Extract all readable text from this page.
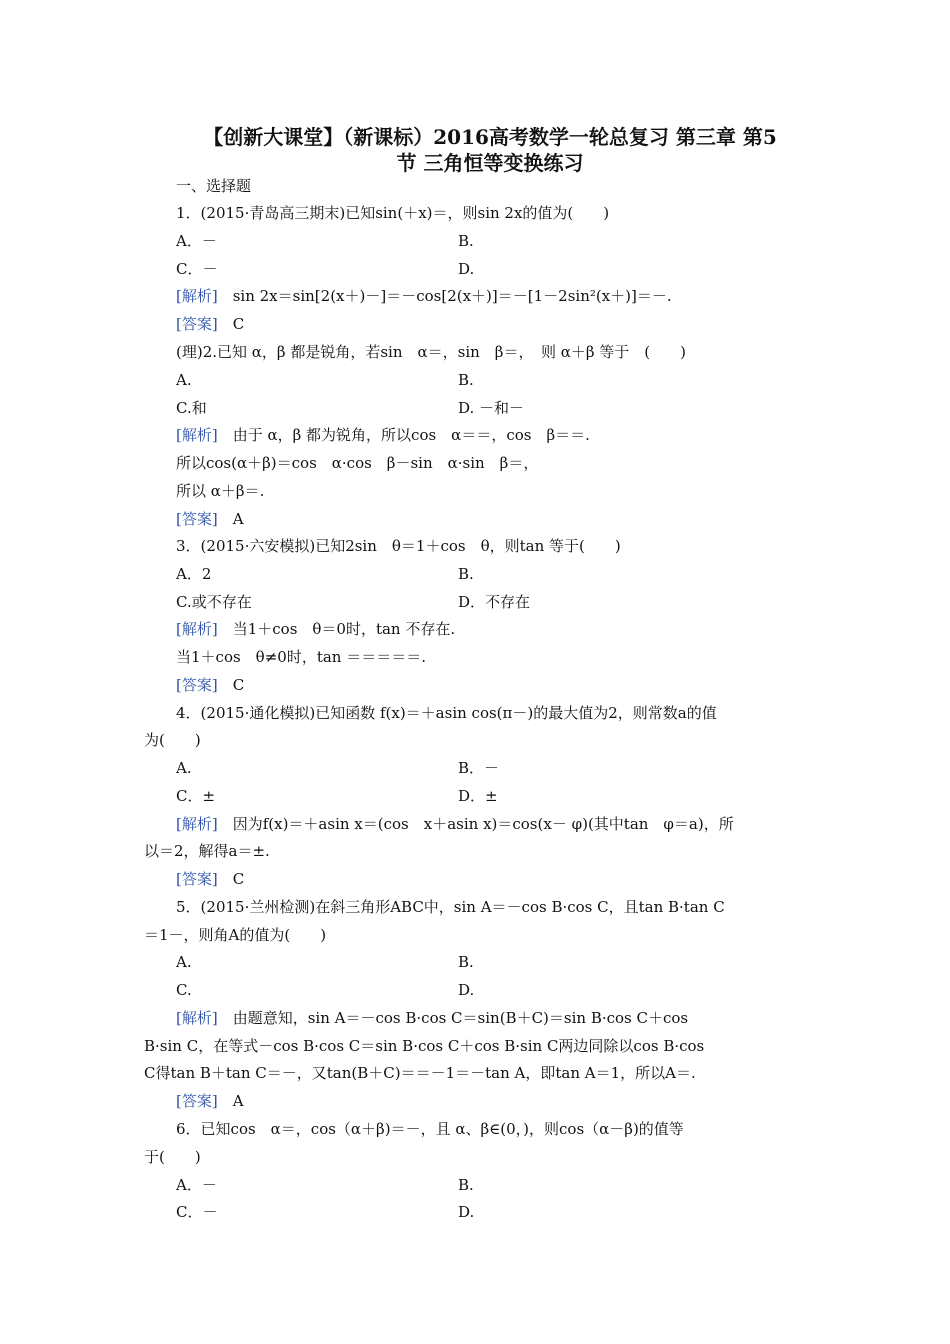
【创新大课堂】（新课标）2016高考数学一轮总复习 第三章 第5
节 三角恒等变换练习
一、选择题
1．(2015·青岛高三期末)已知sin(＋x)＝，则sin 2x的值为(　　)
A．－	B.
C．－	D.
[解析]　sin 2x＝sin[2(x＋)－]＝－cos[2(x＋)]＝－[1－2sin²(x＋)]＝－.
[答案]　C
(理)2.已知 α，β 都是锐角，若sin　α＝，sin　β＝，　则 α＋β 等于　(　　)
A.	B.
C.和	D. －和－
[解析]　由于 α，β 都为锐角，所以cos　α＝＝，cos　β＝＝.
所以cos(α＋β)＝cos　α·cos　β－sin　α·sin　β＝，
所以 α＋β＝.
[答案]　A
3．(2015·六安模拟)已知2sin　θ＝1＋cos　θ，则tan 等于(　　)
A．2	B.
C.或不存在	D．不存在
[解析]　当1＋cos　θ＝0时，tan 不存在.
当1＋cos　θ≠0时，tan ＝＝＝＝＝.
[答案]　C
4．(2015·通化模拟)已知函数 f(x)＝＋asin cos(π－)的最大值为2，则常数a的值
为(　　)
A.	B．－
C．±	D．±
[解析]　因为f(x)＝＋asin x＝(cos　x＋asin x)＝cos(x－ φ)(其中tan　φ＝a)，所
以＝2，解得a＝±.
[答案]　C
5．(2015·兰州检测)在斜三角形ABC中，sin A＝－cos B·cos C，且tan B·tan C
＝1－，则角A的值为(　　)
A.	B.
C.	D.
[解析]　由题意知，sin A＝－cos B·cos C＝sin(B＋C)＝sin B·cos C＋cos
B·sin C，在等式－cos B·cos C＝sin B·cos C＋cos B·sin C两边同除以cos B·cos
C得tan B＋tan C＝－，又tan(B＋C)＝＝－1＝－tan A，即tan A＝1，所以A＝.
[答案]　A
6．已知cos　α＝，cos（α＋β)＝－，且 α、β∈(0，)，则cos（α－β)的值等
于(　　)
A．－	B.
C．－	D.
